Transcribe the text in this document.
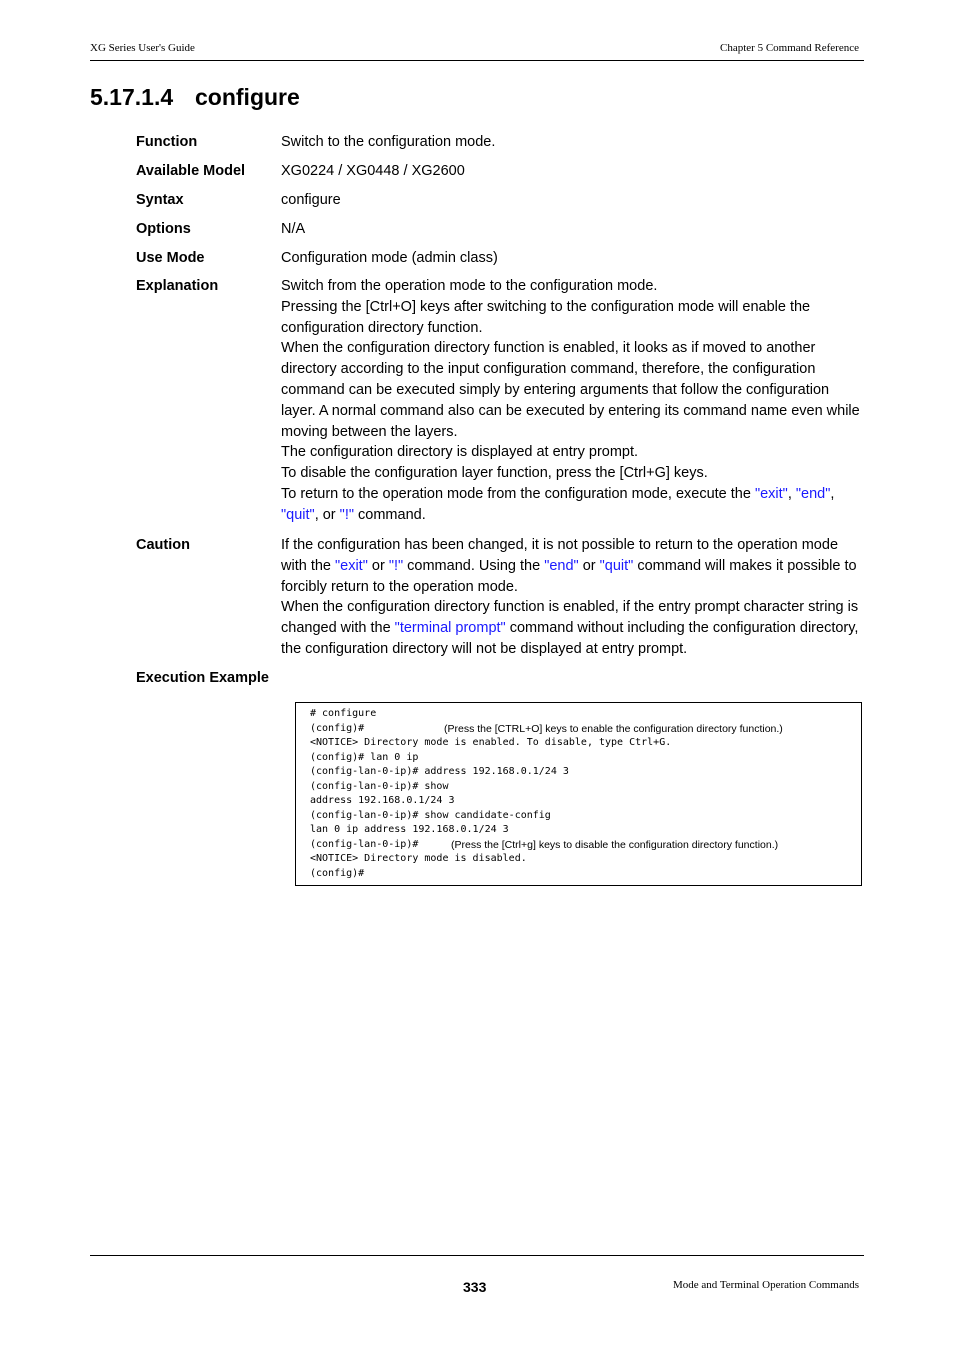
XG Series User's Guide	Chapter 5 Command Reference
5.17.1.4 configure
Function	Switch to the configuration mode.
Available Model	XG0224 / XG0448 / XG2600
Syntax	configure
Options	N/A
Use Mode	Configuration mode (admin class)
Explanation	Switch from the operation mode to the configuration mode.

Pressing the [Ctrl+O] keys after switching to the configuration mode will enable the configuration directory function.

When the configuration directory function is enabled, it looks as if moved to another directory according to the input configuration command, therefore, the configuration command can be executed simply by entering arguments that follow the configuration layer. A normal command also can be executed by entering its command name even while moving between the layers.

The configuration directory is displayed at entry prompt.

To disable the configuration layer function, press the [Ctrl+G] keys.

To return to the operation mode from the configuration mode, execute the "exit", "end", "quit", or "!" command.

Caution	If the configuration has been changed, it is not possible to return to the operation mode with the "exit" or "!" command. Using the "end" or "quit" command will makes it possible to forcibly return to the operation mode.

When the configuration directory function is enabled, if the entry prompt character string is changed with the "terminal prompt" command without including the configuration directory, the configuration directory will not be displayed at entry prompt.

Execution Example
# configure
(config)#	(Press the [CTRL+O] keys to enable the configuration directory function.)
<NOTICE> Directory mode is enabled. To disable, type Ctrl+G.
(config)# lan 0 ip
(config-lan-0-ip)# address 192.168.0.1/24 3
(config-lan-0-ip)# show
address 192.168.0.1/24 3
(config-lan-0-ip)# show candidate-config
lan 0 ip address 192.168.0.1/24 3
(config-lan-0-ip)#	(Press the [Ctrl+g] keys to disable the configuration directory function.)
<NOTICE> Directory mode is disabled.
(config)#
333	Mode and Terminal Operation Commands
